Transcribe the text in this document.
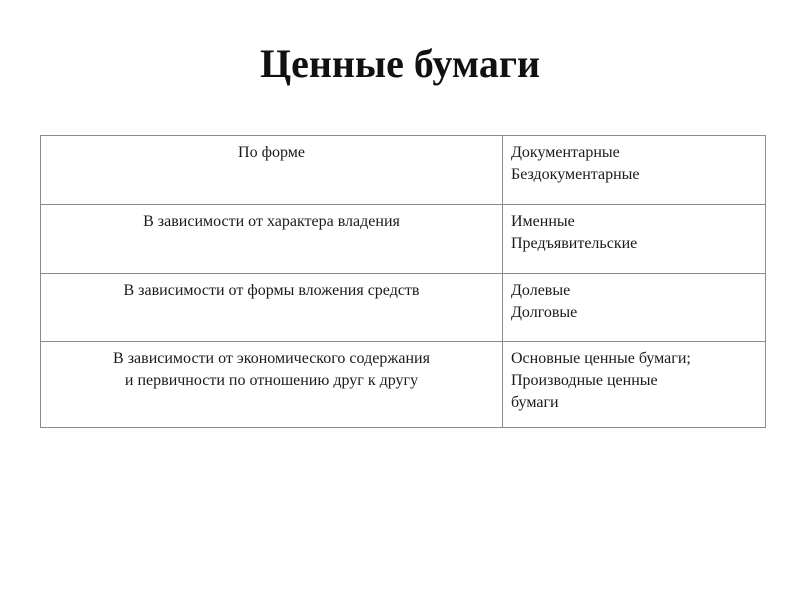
Ценные бумаги
По форме	Документарные
Бездокументарные

В зависимости от характера владения	Именные
Предъявительские

В зависимости от формы вложения средств	Долевые
Долговые

В зависимости от экономического содержания
и первичности по отношению друг к другу	Основные ценные бумаги;
Производные ценные
бумаги
